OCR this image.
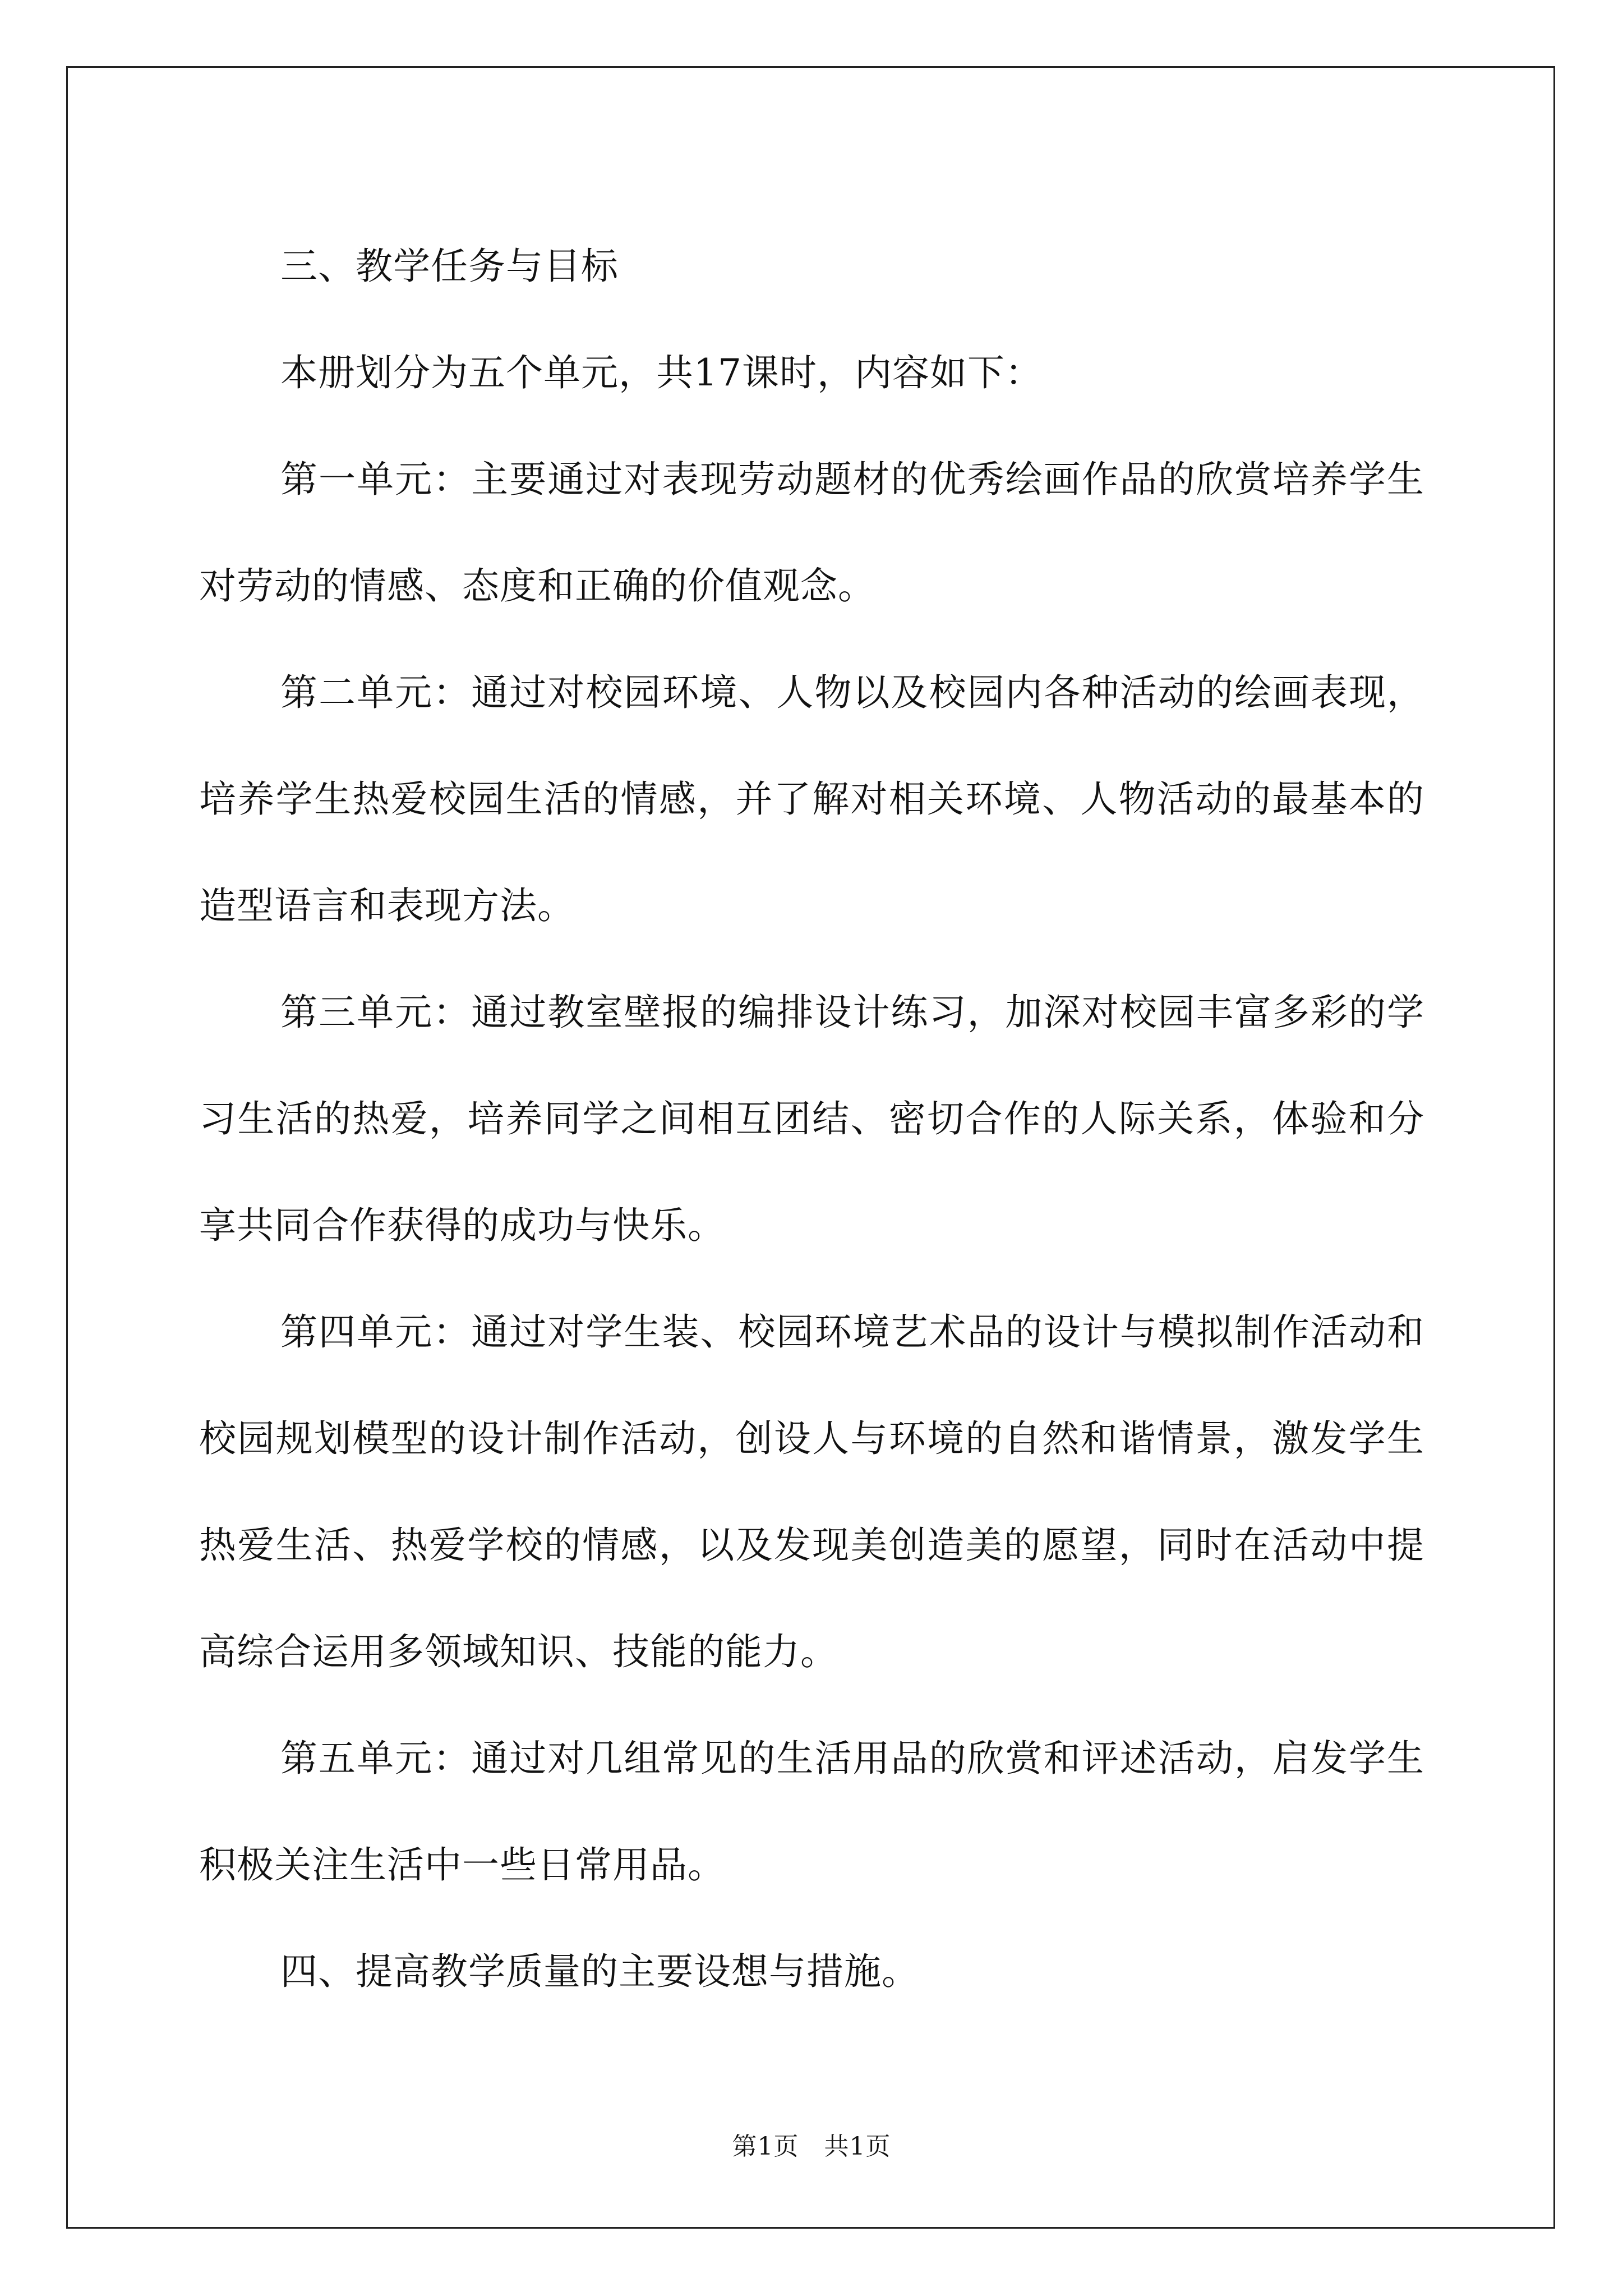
三、教学任务与目标

本册划分为五个单元，共17课时，内容如下：

第一单元：主要通过对表现劳动题材的优秀绘画作品的欣赏培养学生对劳动的情感、态度和正确的价值观念。

第二单元：通过对校园环境、人物以及校园内各种活动的绘画表现，培养学生热爱校园生活的情感，并了解对相关环境、人物活动的最基本的造型语言和表现方法。

第三单元：通过教室壁报的编排设计练习，加深对校园丰富多彩的学习生活的热爱，培养同学之间相互团结、密切合作的人际关系，体验和分享共同合作获得的成功与快乐。

第四单元：通过对学生装、校园环境艺术品的设计与模拟制作活动和校园规划模型的设计制作活动，创设人与环境的自然和谐情景，激发学生热爱生活、热爱学校的情感，以及发现美创造美的愿望，同时在活动中提高综合运用多领域知识、技能的能力。

第五单元：通过对几组常见的生活用品的欣赏和评述活动，启发学生积极关注生活中一些日常用品。

四、提高教学质量的主要设想与措施。

第1页 共1页
